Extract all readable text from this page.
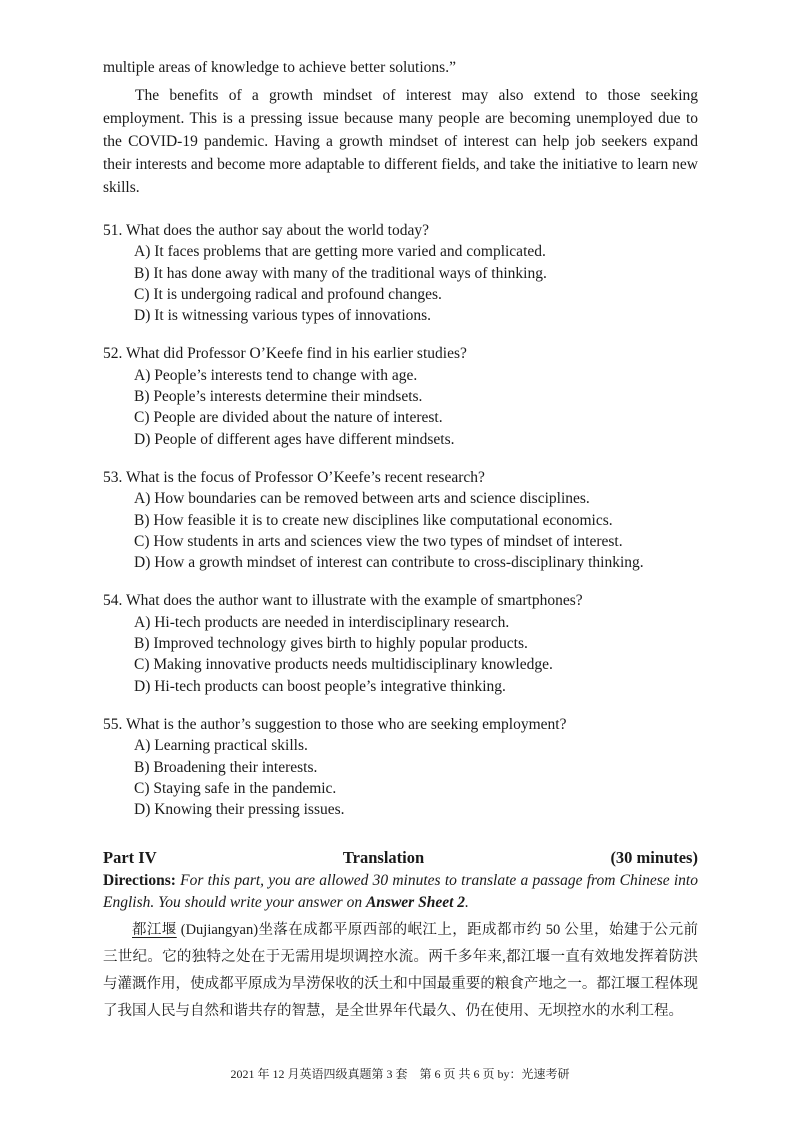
multiple areas of knowledge to achieve better solutions.”

The benefits of a growth mindset of interest may also extend to those seeking employment. This is a pressing issue because many people are becoming unemployed due to the COVID-19 pandemic. Having a growth mindset of interest can help job seekers expand their interests and become more adaptable to different fields, and take the initiative to learn new skills.

51. What does the author say about the world today?
A) It faces problems that are getting more varied and complicated.
B) It has done away with many of the traditional ways of thinking.
C) It is undergoing radical and profound changes.
D) It is witnessing various types of innovations.
52. What did Professor O’Keefe find in his earlier studies?
A) People’s interests tend to change with age.
B) People’s interests determine their mindsets.
C) People are divided about the nature of interest.
D) People of different ages have different mindsets.
53. What is the focus of Professor O’Keefe’s recent research?
A) How boundaries can be removed between arts and science disciplines.
B) How feasible it is to create new disciplines like computational economics.
C) How students in arts and sciences view the two types of mindset of interest.
D) How a growth mindset of interest can contribute to cross-disciplinary thinking.
54. What does the author want to illustrate with the example of smartphones?
A) Hi-tech products are needed in interdisciplinary research.
B) Improved technology gives birth to highly popular products.
C) Making innovative products needs multidisciplinary knowledge.
D) Hi-tech products can boost people’s integrative thinking.
55. What is the author’s suggestion to those who are seeking employment?
A) Learning practical skills.
B) Broadening their interests.
C) Staying safe in the pandemic.
D) Knowing their pressing issues.
Part IV	Translation	(30 minutes)

Directions: For this part, you are allowed 30 minutes to translate a passage from Chinese into English. You should write your answer on Answer Sheet 2.

都江堰 (Dujiangyan)坐落在成都平原西部的岷江上，距成都市约 50 公里，始建于公元前三世纪。它的独特之处在于无需用堤坝调控水流。两千多年来,都江堰一直有效地发挥着防洪与灌溉作用，使成都平原成为旱涝保收的沃土和中国最重要的粮食产地之一。都江堰工程体现了我国人民与自然和谐共存的智慧，是全世界年代最久、仍在使用、无坝控水的水利工程。

2021 年 12 月英语四级真题第 3 套　第 6 页 共 6 页 by：光速考研
